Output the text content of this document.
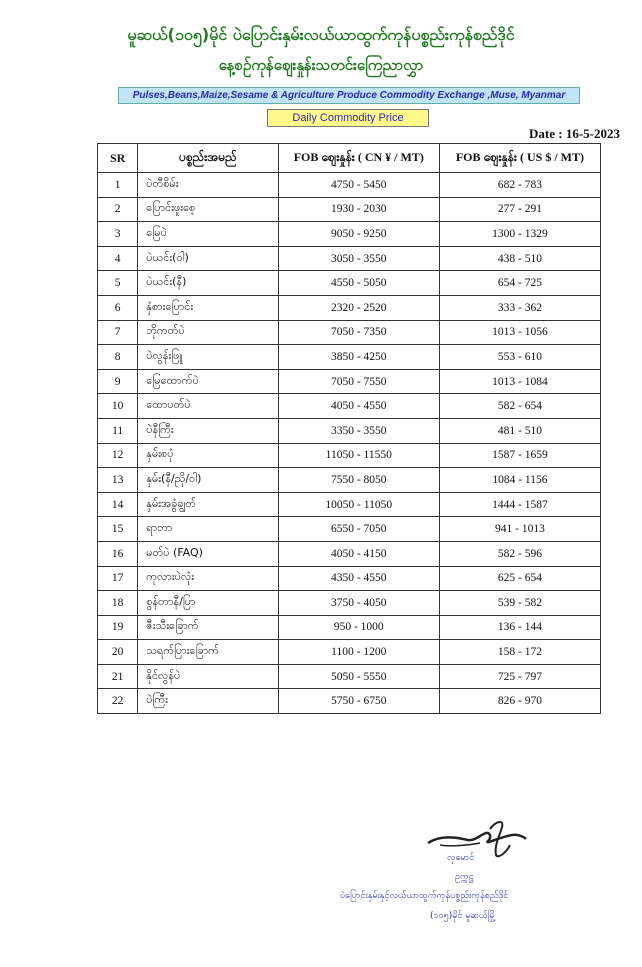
မူဆယ်(၁၀၅)မိုင် ပဲပြောင်းနှမ်းလယ်ယာထွက်ကုန်ပစ္စည်းကုန်စည်ဒိုင်
နေ့စဉ်ကုန်ဈေးနှုန်းသတင်းကြေညာလွှာ
Pulses,Beans,Maize,Sesame & Agriculture Produce Commodity Exchange ,Muse, Myanmar
Daily Commodity Price
Date : 16-5-2023
SR	ပစ္စည်းအမည်	FOB ဈေးနှုန်း ( CN ¥ / MT)	FOB ဈေးနှုန်း ( US $ / MT)
1	ပဲတီစိမ်း	4750 - 5450	682 - 783
2	ပြောင်းဖူးစေ့	1930 - 2030	277 - 291
3	မြေပဲ	9050 - 9250	1300 - 1329
4	ပဲယင်း(ဝါ)	3050 - 3550	438 - 510
5	ပဲယင်း(နီ)	4550 - 5050	654 - 725
6	နှံစားပြောင်း	2320 - 2520	333 - 362
7	ဘိုကတ်ပဲ	7050 - 7350	1013 - 1056
8	ပဲလွန်းဖြူ	3850 - 4250	553 - 610
9	မြေထောက်ပဲ	7050 - 7550	1013 - 1084
10	ထောပတ်ပဲ	4050 - 4550	582 - 654
11	ပဲနီကြီး	3350 - 3550	481 - 510
12	နှမ်းစပုံ	11050 - 11550	1587 - 1659
13	နှမ်း(နီ/ညို/ဝါ)	7550 - 8050	1084 - 1156
14	နှမ်းအခွံချွတ်	10050 - 11050	1444 - 1587
15	ရာဘာ	6550 - 7050	941 - 1013
16	မတ်ပဲ (FAQ)	4050 - 4150	582 - 596
17	ကုလားပဲလုံး	4350 - 4550	625 - 654
18	စွန်တာနီ/ပြာ	3750 - 4050	539 - 582
19	ဇီးသီးခြောက်	950 - 1000	136 - 144
20	သရက်ပြားခြောက်	1100 - 1200	158 - 172
21	နိုင်လွန်ပဲ	5050 - 5550	725 - 797
22	ပဲကြီး	5750 - 6750	826 - 970
လှမောင်
ဥက္ကဋ္ဌ
ပဲပြောင်းနှမ်းနှင့်လယ်ယာထွက်ကုန်ပစ္စည်းကုန်စည်ဒိုင်
(၁၀၅)မိုင် မူဆယ်မြို့
